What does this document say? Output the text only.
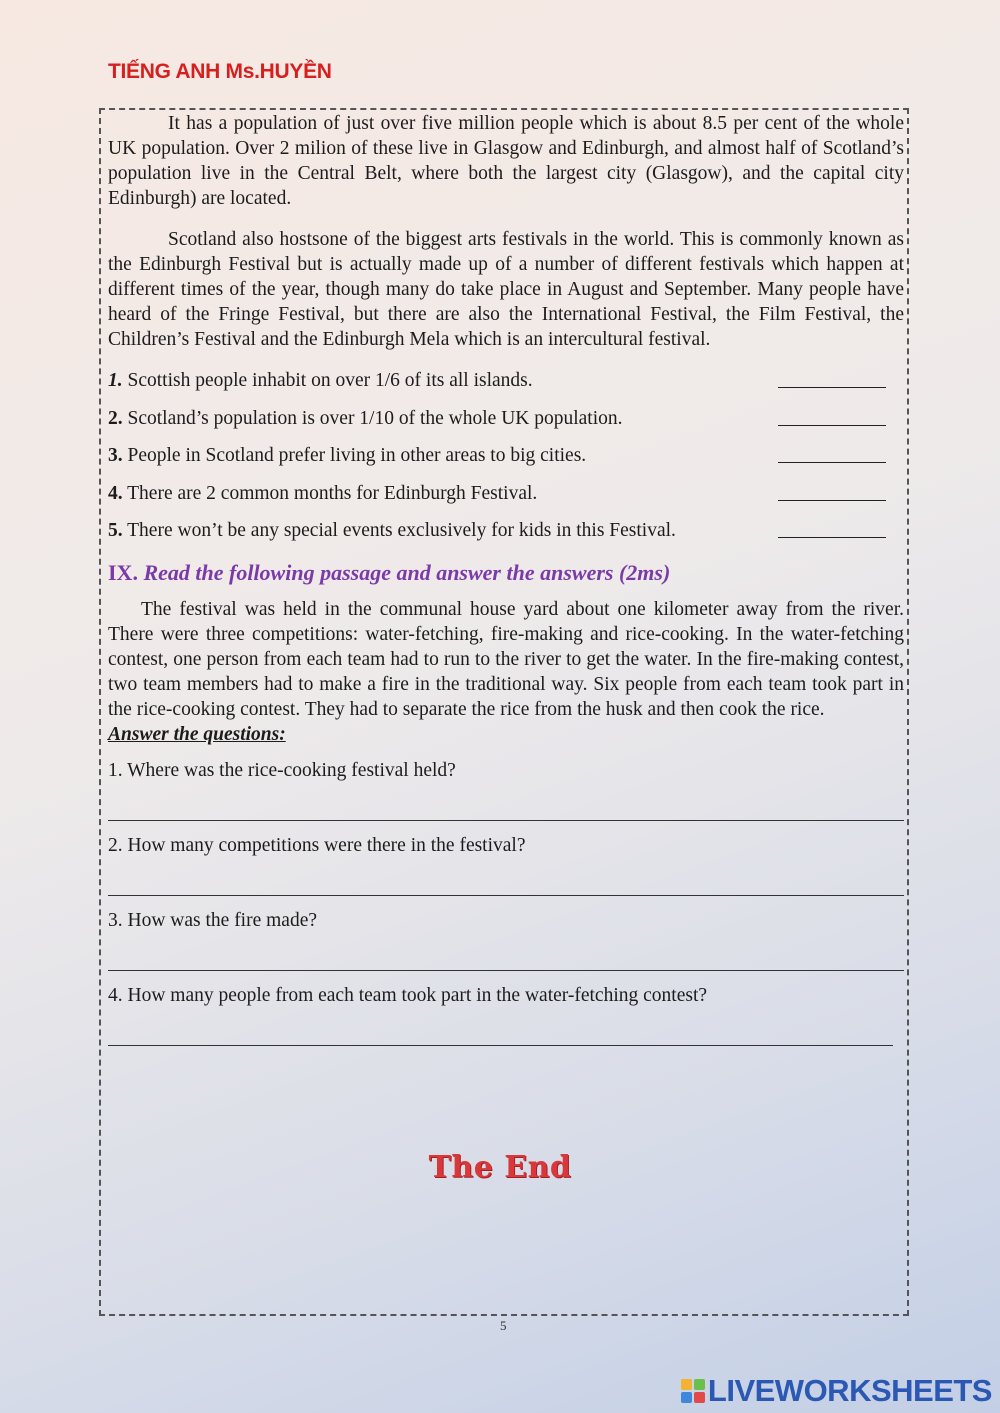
TIẾNG ANH Ms.HUYỀN

It has a population of just over five million people which is about 8.5 per cent of the whole UK population. Over 2 milion of these live in Glasgow and Edinburgh, and almost half of Scotland’s population live in the Central Belt, where both the largest city (Glasgow), and the capital city Edinburgh) are located.

Scotland also hostsone of the biggest arts festivals in the world. This is commonly known as the Edinburgh Festival but is actually made up of a number of different festivals which happen at different times of the year, though many do take place in August and September. Many people have heard of the Fringe Festival, but there are also the International Festival, the Film Festival, the Children’s Festival and the Edinburgh Mela which is an intercultural festival.

1. Scottish people inhabit on over 1/6 of its all islands.
2. Scotland’s population is over 1/10 of the whole UK population.
3. People in Scotland prefer living in other areas to big cities.
4. There are 2 common months for Edinburgh Festival.
5. There won’t be any special events exclusively for kids in this Festival.
IX. Read the following passage and answer the answers (2ms)

The festival was held in the communal house yard about one kilometer away from the river. There were three competitions: water-fetching, fire-making and rice-cooking. In the water-fetching contest, one person from each team had to run to the river to get the water. In the fire-making contest, two team members had to make a fire in the traditional way. Six people from each team took part in the rice-cooking contest. They had to separate the rice from the husk and then cook the rice.

Answer the questions:
1. Where was the rice-cooking festival held?
2. How many competitions were there in the festival?
3. How was the fire made?
4. How many people from each team took part in the water-fetching contest?
The End
5
LIVEWORKSHEETS
